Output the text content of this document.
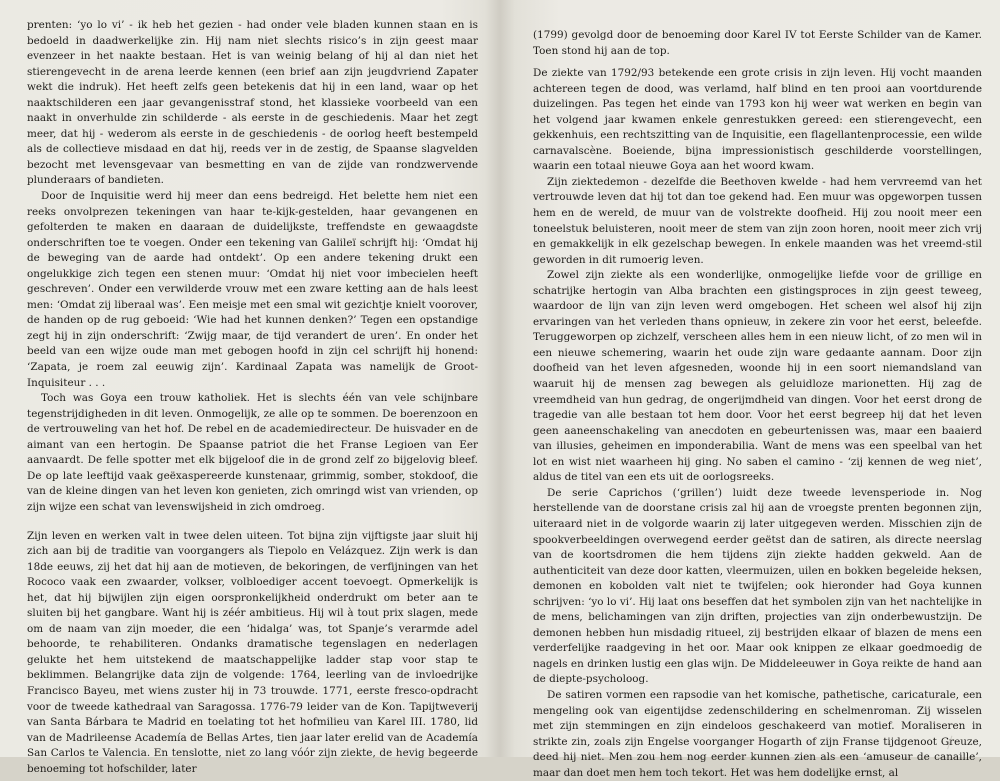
prenten: ‘yo lo vi’ - ik heb het gezien - had onder vele bladen kunnen staan en is bedoeld in daadwerkelijke zin. Hij nam niet slechts risico’s in zijn geest maar evenzeer in het naakte bestaan. Het is van weinig belang of hij al dan niet het stierengevecht in de arena leerde kennen (een brief aan zijn jeugdvriend Zapater wekt die indruk). Het heeft zelfs geen betekenis dat hij in een land, waar op het naaktschilderen een jaar gevangenisstraf stond, het klassieke voorbeeld van een naakt in onverhulde zin schilderde - als eerste in de geschiedenis. Maar het zegt meer, dat hij - wederom als eerste in de geschiedenis - de oorlog heeft bestempeld als de collectieve misdaad en dat hij, reeds ver in de zestig, de Spaanse slagvelden bezocht met levensgevaar van besmetting en van de zijde van rondzwervende plunderaars of bandieten.

Door de Inquisitie werd hij meer dan eens bedreigd. Het belette hem niet een reeks onvolprezen tekeningen van haar te-kijk-gestelden, haar gevangenen en gefolterden te maken en daaraan de duidelijkste, treffendste en gewaagdste onderschriften toe te voegen. Onder een tekening van Galileï schrijft hij: ‘Omdat hij de beweging van de aarde had ontdekt’. Op een andere tekening drukt een ongelukkige zich tegen een stenen muur: ‘Omdat hij niet voor imbecielen heeft geschreven’. Onder een verwilderde vrouw met een zware ketting aan de hals leest men: ‘Omdat zij liberaal was’. Een meisje met een smal wit gezichtje knielt voorover, de handen op de rug geboeid: ‘Wie had het kunnen denken?’ Tegen een opstandige zegt hij in zijn onderschrift: ‘Zwijg maar, de tijd verandert de uren’. En onder het beeld van een wijze oude man met gebogen hoofd in zijn cel schrijft hij honend: ‘Zapata, je roem zal eeuwig zijn’. Kardinaal Zapata was namelijk de Groot-Inquisiteur . . .

Toch was Goya een trouw katholiek. Het is slechts één van vele schijnbare tegenstrijdigheden in dit leven. Onmogelijk, ze alle op te sommen. De boerenzoon en de vertrouweling van het hof. De rebel en de academiedirecteur. De huisvader en de aimant van een hertogin. De Spaanse patriot die het Franse Legioen van Eer aanvaardt. De felle spotter met elk bijgeloof die in de grond zelf zo bijgelovig bleef. De op late leeftijd vaak geëxaspereerde kunstenaar, grimmig, somber, stokdoof, die van de kleine dingen van het leven kon genieten, zich omringd wist van vrienden, op zijn wijze een schat van levenswijsheid in zich omdroeg.

Zijn leven en werken valt in twee delen uiteen. Tot bijna zijn vijftigste jaar sluit hij zich aan bij de traditie van voorgangers als Tiepolo en Velázquez. Zijn werk is dan 18de eeuws, zij het dat hij aan de motieven, de bekoringen, de verfijningen van het Rococo vaak een zwaarder, volkser, volbloediger accent toevoegt. Opmerkelijk is het, dat hij bijwijlen zijn eigen oorspronkelijkheid onderdrukt om beter aan te sluiten bij het gangbare. Want hij is zéér ambitieus. Hij wil à tout prix slagen, mede om de naam van zijn moeder, die een ‘hidalga’ was, tot Spanje’s verarmde adel behoorde, te rehabiliteren. Ondanks dramatische tegenslagen en nederlagen gelukte het hem uitstekend de maatschappelijke ladder stap voor stap te beklimmen. Belangrijke data zijn de volgende: 1764, leerling van de invloedrijke Francisco Bayeu, met wiens zuster hij in 73 trouwde. 1771, eerste fresco-opdracht voor de tweede kathedraal van Saragossa. 1776-79 leider van de Kon. Tapijtweverij van Santa Bárbara te Madrid en toelating tot het hofmilieu van Karel III. 1780, lid van de Madrileense Academía de Bellas Artes, tien jaar later erelid van de Academía San Carlos te Valencia. En tenslotte, niet zo lang vóór zijn ziekte, de hevig begeerde benoeming tot hofschilder, later

(1799) gevolgd door de benoeming door Karel IV tot Eerste Schilder van de Kamer. Toen stond hij aan de top.

De ziekte van 1792/93 betekende een grote crisis in zijn leven. Hij vocht maanden achtereen tegen de dood, was verlamd, half blind en ten prooi aan voortdurende duizelingen. Pas tegen het einde van 1793 kon hij weer wat werken en begin van het volgend jaar kwamen enkele genrestukken gereed: een stierengevecht, een gekkenhuis, een rechtszitting van de Inquisitie, een flagellantenprocessie, een wilde carnavalscène. Boeiende, bijna impressionistisch geschilderde voorstellingen, waarin een totaal nieuwe Goya aan het woord kwam.

Zijn ziektedemon - dezelfde die Beethoven kwelde - had hem vervreemd van het vertrouwde leven dat hij tot dan toe gekend had. Een muur was opgeworpen tussen hem en de wereld, de muur van de volstrekte doofheid. Hij zou nooit meer een toneelstuk beluisteren, nooit meer de stem van zijn zoon horen, nooit meer zich vrij en gemakkelijk in elk gezelschap bewegen. In enkele maanden was het vreemd-stil geworden in dit rumoerig leven.

Zowel zijn ziekte als een wonderlijke, onmogelijke liefde voor de grillige en schatrijke hertogin van Alba brachten een gistingsproces in zijn geest teweeg, waardoor de lijn van zijn leven werd omgebogen. Het scheen wel alsof hij zijn ervaringen van het verleden thans opnieuw, in zekere zin voor het eerst, beleefde. Teruggeworpen op zichzelf, verscheen alles hem in een nieuw licht, of zo men wil in een nieuwe schemering, waarin het oude zijn ware gedaante aannam. Door zijn doofheid van het leven afgesneden, woonde hij in een soort niemandsland van waaruit hij de mensen zag bewegen als geluidloze marionetten. Hij zag de vreemdheid van hun gedrag, de ongerijmdheid van dingen. Voor het eerst drong de tragedie van alle bestaan tot hem door. Voor het eerst begreep hij dat het leven geen aaneenschakeling van anecdoten en gebeurtenissen was, maar een baaierd van illusies, geheimen en imponderabilia. Want de mens was een speelbal van het lot en wist niet waarheen hij ging. No saben el camino - ‘zij kennen de weg niet’, aldus de titel van een ets uit de oorlogsreeks.

De serie Caprichos (‘grillen’) luidt deze tweede levensperiode in. Nog herstellende van de doorstane crisis zal hij aan de vroegste prenten begonnen zijn, uiteraard niet in de volgorde waarin zij later uitgegeven werden. Misschien zijn de spookverbeeldingen overwegend eerder geëtst dan de satiren, als directe neerslag van de koortsdromen die hem tijdens zijn ziekte hadden gekweld. Aan de authenticiteit van deze door katten, vleermuizen, uilen en bokken begeleide heksen, demonen en kobolden valt niet te twijfelen; ook hieronder had Goya kunnen schrijven: ‘yo lo vi’. Hij laat ons beseffen dat het symbolen zijn van het nachtelijke in de mens, belichamingen van zijn driften, projecties van zijn onderbewustzijn. De demonen hebben hun misdadig ritueel, zij bestrijden elkaar of blazen de mens een verderfelijke raadgeving in het oor. Maar ook knippen ze elkaar goedmoedig de nagels en drinken lustig een glas wijn. De Middeleeuwer in Goya reikte de hand aan de diepte-psycholoog.

De satiren vormen een rapsodie van het komische, pathetische, caricaturale, een mengeling ook van eigentijdse zedenschildering en schelmenroman. Zij wisselen met zijn stemmingen en zijn eindeloos geschakeerd van motief. Moraliseren in strikte zin, zoals zijn Engelse voorganger Hogarth of zijn Franse tijdgenoot Greuze, deed hij niet. Men zou hem nog eerder kunnen zien als een ‘amuseur de canaille’, maar dan doet men hem toch tekort. Het was hem dodelijke ernst, al
